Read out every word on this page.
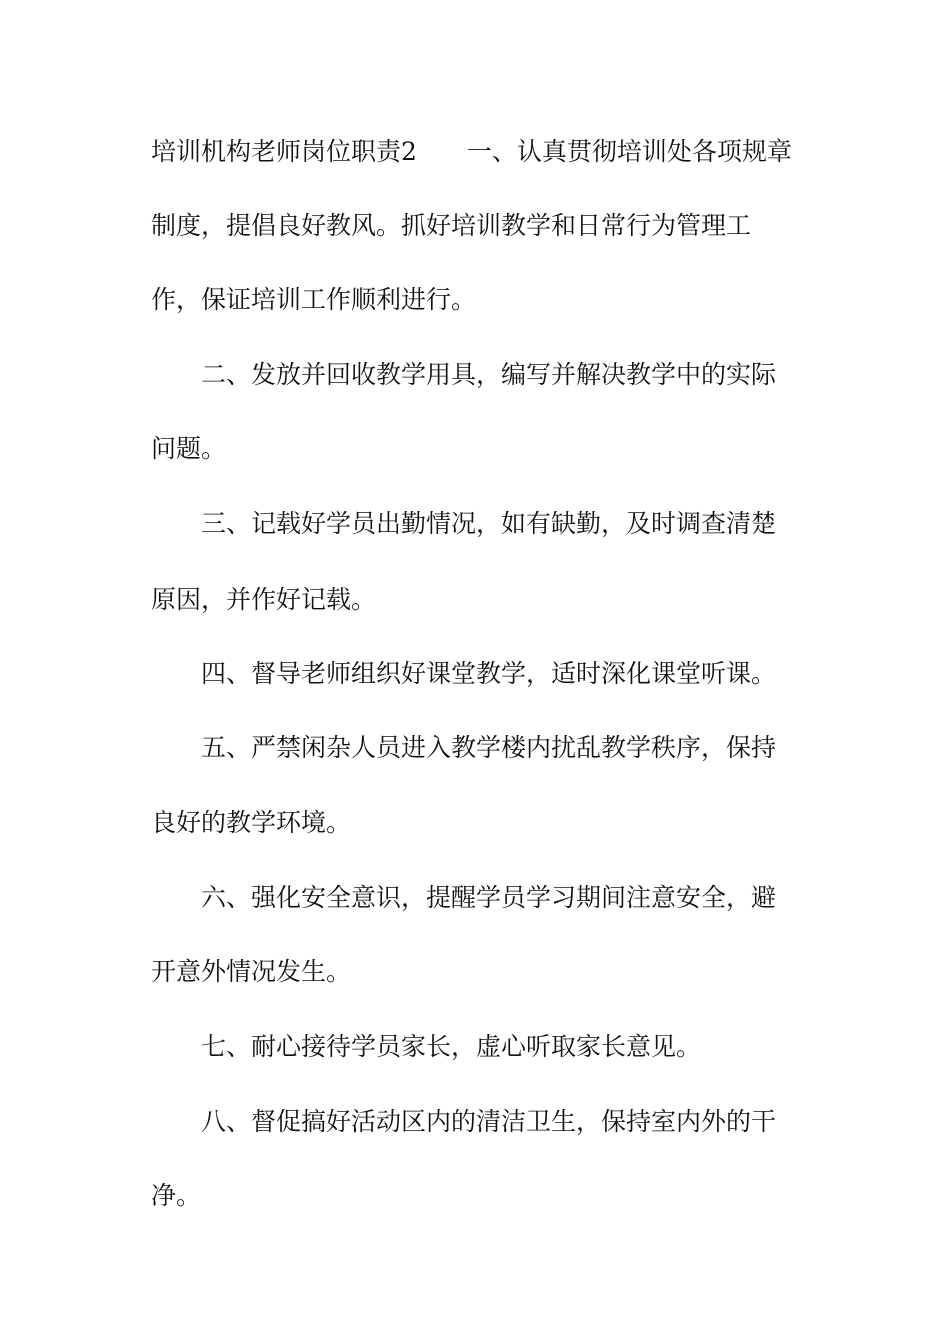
培训机构老师岗位职责2　　一、认真贯彻培训处各项规章

制度，提倡良好教风。抓好培训教学和日常行为管理工

作，保证培训工作顺利进行。

二、发放并回收教学用具，编写并解决教学中的实际

问题。

三、记载好学员出勤情况，如有缺勤，及时调查清楚

原因，并作好记载。

四、督导老师组织好课堂教学，适时深化课堂听课。

五、严禁闲杂人员进入教学楼内扰乱教学秩序，保持

良好的教学环境。

六、强化安全意识，提醒学员学习期间注意安全，避

开意外情况发生。

七、耐心接待学员家长，虚心听取家长意见。

八、督促搞好活动区内的清洁卫生，保持室内外的干

净。
